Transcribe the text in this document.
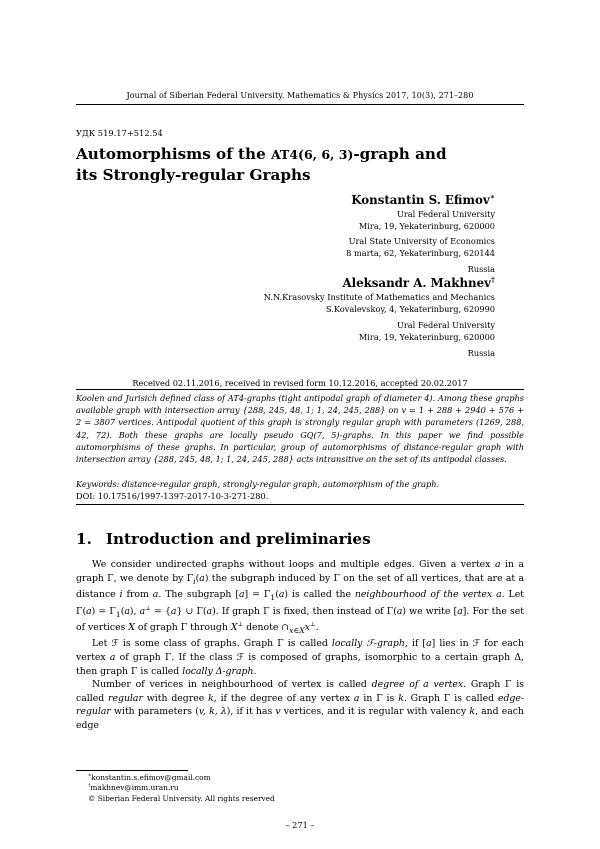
Journal of Siberian Federal University. Mathematics & Physics 2017, 10(3), 271–280
УДК 519.17+512.54
Automorphisms of the AT4(6, 6, 3)-graph and
its Strongly-regular Graphs
Konstantin S. Efimov∗
Ural Federal University
Mira, 19, Yekaterinburg, 620000
Ural State University of Economics
8 marta, 62, Yekaterinburg, 620144
Russia
Aleksandr A. Makhnev†
N.N.Krasovsky Institute of Mathematics and Mechanics
S.Kovalevskoy, 4, Yekaterinburg, 620990
Ural Federal University
Mira, 19, Yekaterinburg, 620000
Russia
Received 02.11.2016, received in revised form 10.12.2016, accepted 20.02.2017
Koolen and Jurisich defined class of AT4-graphs (tight antipodal graph of diameter 4). Among these graphs available graph with intersection array {288, 245, 48, 1; 1, 24, 245, 288} on v = 1 + 288 + 2940 + 576 + 2 = 3807 vertices. Antipodal quotient of this graph is strongly regular graph with parameters (1269, 288, 42, 72). Both these graphs are locally pseudo GQ(7, 5)-graphs. In this paper we find possible automorphisms of these graphs. In particular, group of automorphisms of distance-regular graph with intersection array {288, 245, 48, 1; 1, 24, 245, 288} acts intransitive on the set of its antipodal classes.
Keywords: distance-regular graph, strongly-regular graph, automorphism of the graph.
DOI: 10.17516/1997-1397-2017-10-3-271-280.
1. Introduction and preliminaries

We consider undirected graphs without loops and multiple edges. Given a vertex a in a graph Γ, we denote by $\Gamma_i(a)$ the subgraph induced by Γ on the set of all vertices, that are at a distance i from a. The subgraph $[a] = \Gamma_1(a)$ is called the neighbourhood of the vertex a. Let $\Gamma(a) = \Gamma_1(a)$, a⊥ = {a} ∪ Γ(a). If graph Γ is fixed, then instead of Γ(a) we write [a]. For the set of vertices X of graph Γ through X⊥ denote $\cap_{x\in X}x^\perp$.

Let ℱ is some class of graphs. Graph Γ is called locally ℱ-graph, if [a] lies in ℱ for each vertex a of graph Γ. If the class ℱ is composed of graphs, isomorphic to a certain graph Δ, then graph Γ is called locally Δ-graph.

Number of verices in neighbourhood of vertex is called degree of a vertex. Graph Γ is called regular with degree k, if the degree of any vertex a in Γ is k. Graph Γ is called edge-regular with parameters (v, k, λ), if it has v vertices, and it is regular with valency k, and each edge

∗konstantin.s.efimov@gmail.com
†makhnev@imm.uran.ru
© Siberian Federal University. All rights reserved
– 271 –
